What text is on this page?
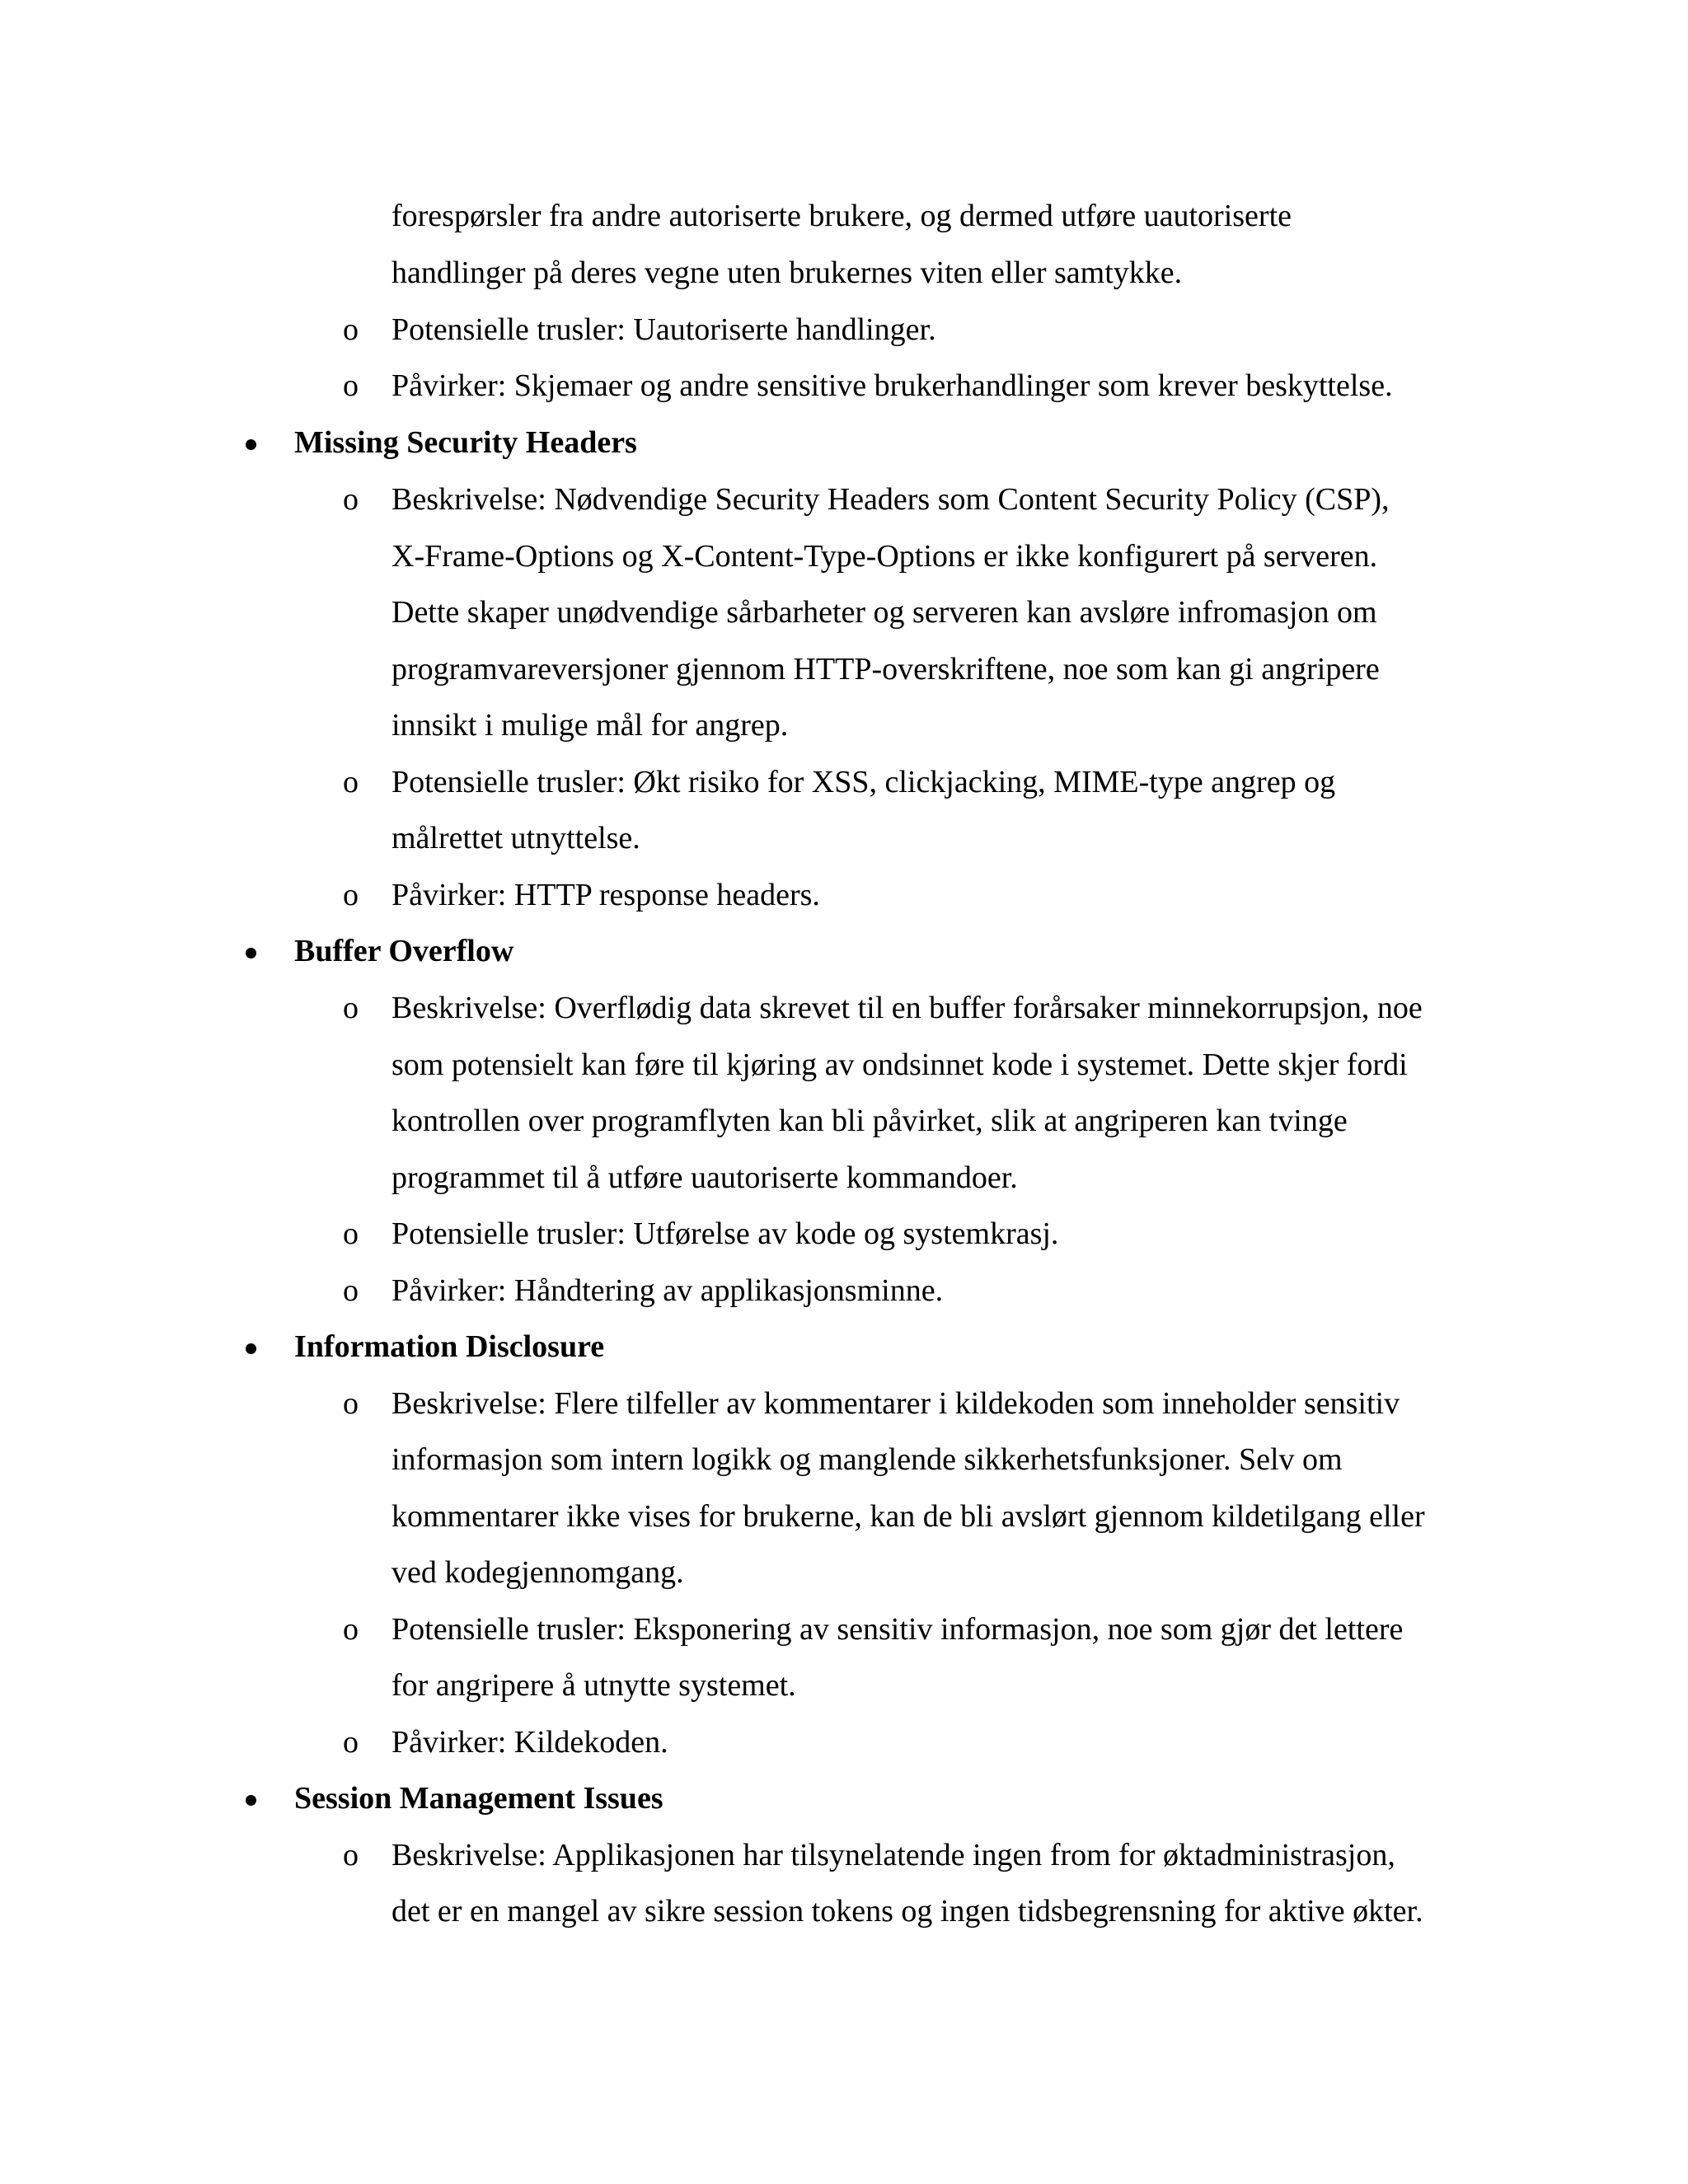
forespørsler fra andre autoriserte brukere, og dermed utføre uautoriserte
handlinger på deres vegne uten brukernes viten eller samtykke.
o Potensielle trusler: Uautoriserte handlinger.
o Påvirker: Skjemaer og andre sensitive brukerhandlinger som krever beskyttelse.
Missing Security Headers
o Beskrivelse: Nødvendige Security Headers som Content Security Policy (CSP),
X-Frame-Options og X-Content-Type-Options er ikke konfigurert på serveren.
Dette skaper unødvendige sårbarheter og serveren kan avsløre infromasjon om
programvareversjoner gjennom HTTP-overskriftene, noe som kan gi angripere
innsikt i mulige mål for angrep.
o Potensielle trusler: Økt risiko for XSS, clickjacking, MIME-type angrep og
målrettet utnyttelse.
o Påvirker: HTTP response headers.
Buffer Overflow
o Beskrivelse: Overflødig data skrevet til en buffer forårsaker minnekorrupsjon, noe
som potensielt kan føre til kjøring av ondsinnet kode i systemet. Dette skjer fordi
kontrollen over programflyten kan bli påvirket, slik at angriperen kan tvinge
programmet til å utføre uautoriserte kommandoer.
o Potensielle trusler: Utførelse av kode og systemkrasj.
o Påvirker: Håndtering av applikasjonsminne.
Information Disclosure
o Beskrivelse: Flere tilfeller av kommentarer i kildekoden som inneholder sensitiv
informasjon som intern logikk og manglende sikkerhetsfunksjoner. Selv om
kommentarer ikke vises for brukerne, kan de bli avslørt gjennom kildetilgang eller
ved kodegjennomgang.
o Potensielle trusler: Eksponering av sensitiv informasjon, noe som gjør det lettere
for angripere å utnytte systemet.
o Påvirker: Kildekoden.
Session Management Issues
o Beskrivelse: Applikasjonen har tilsynelatende ingen from for øktadministrasjon,
det er en mangel av sikre session tokens og ingen tidsbegrensning for aktive økter.
